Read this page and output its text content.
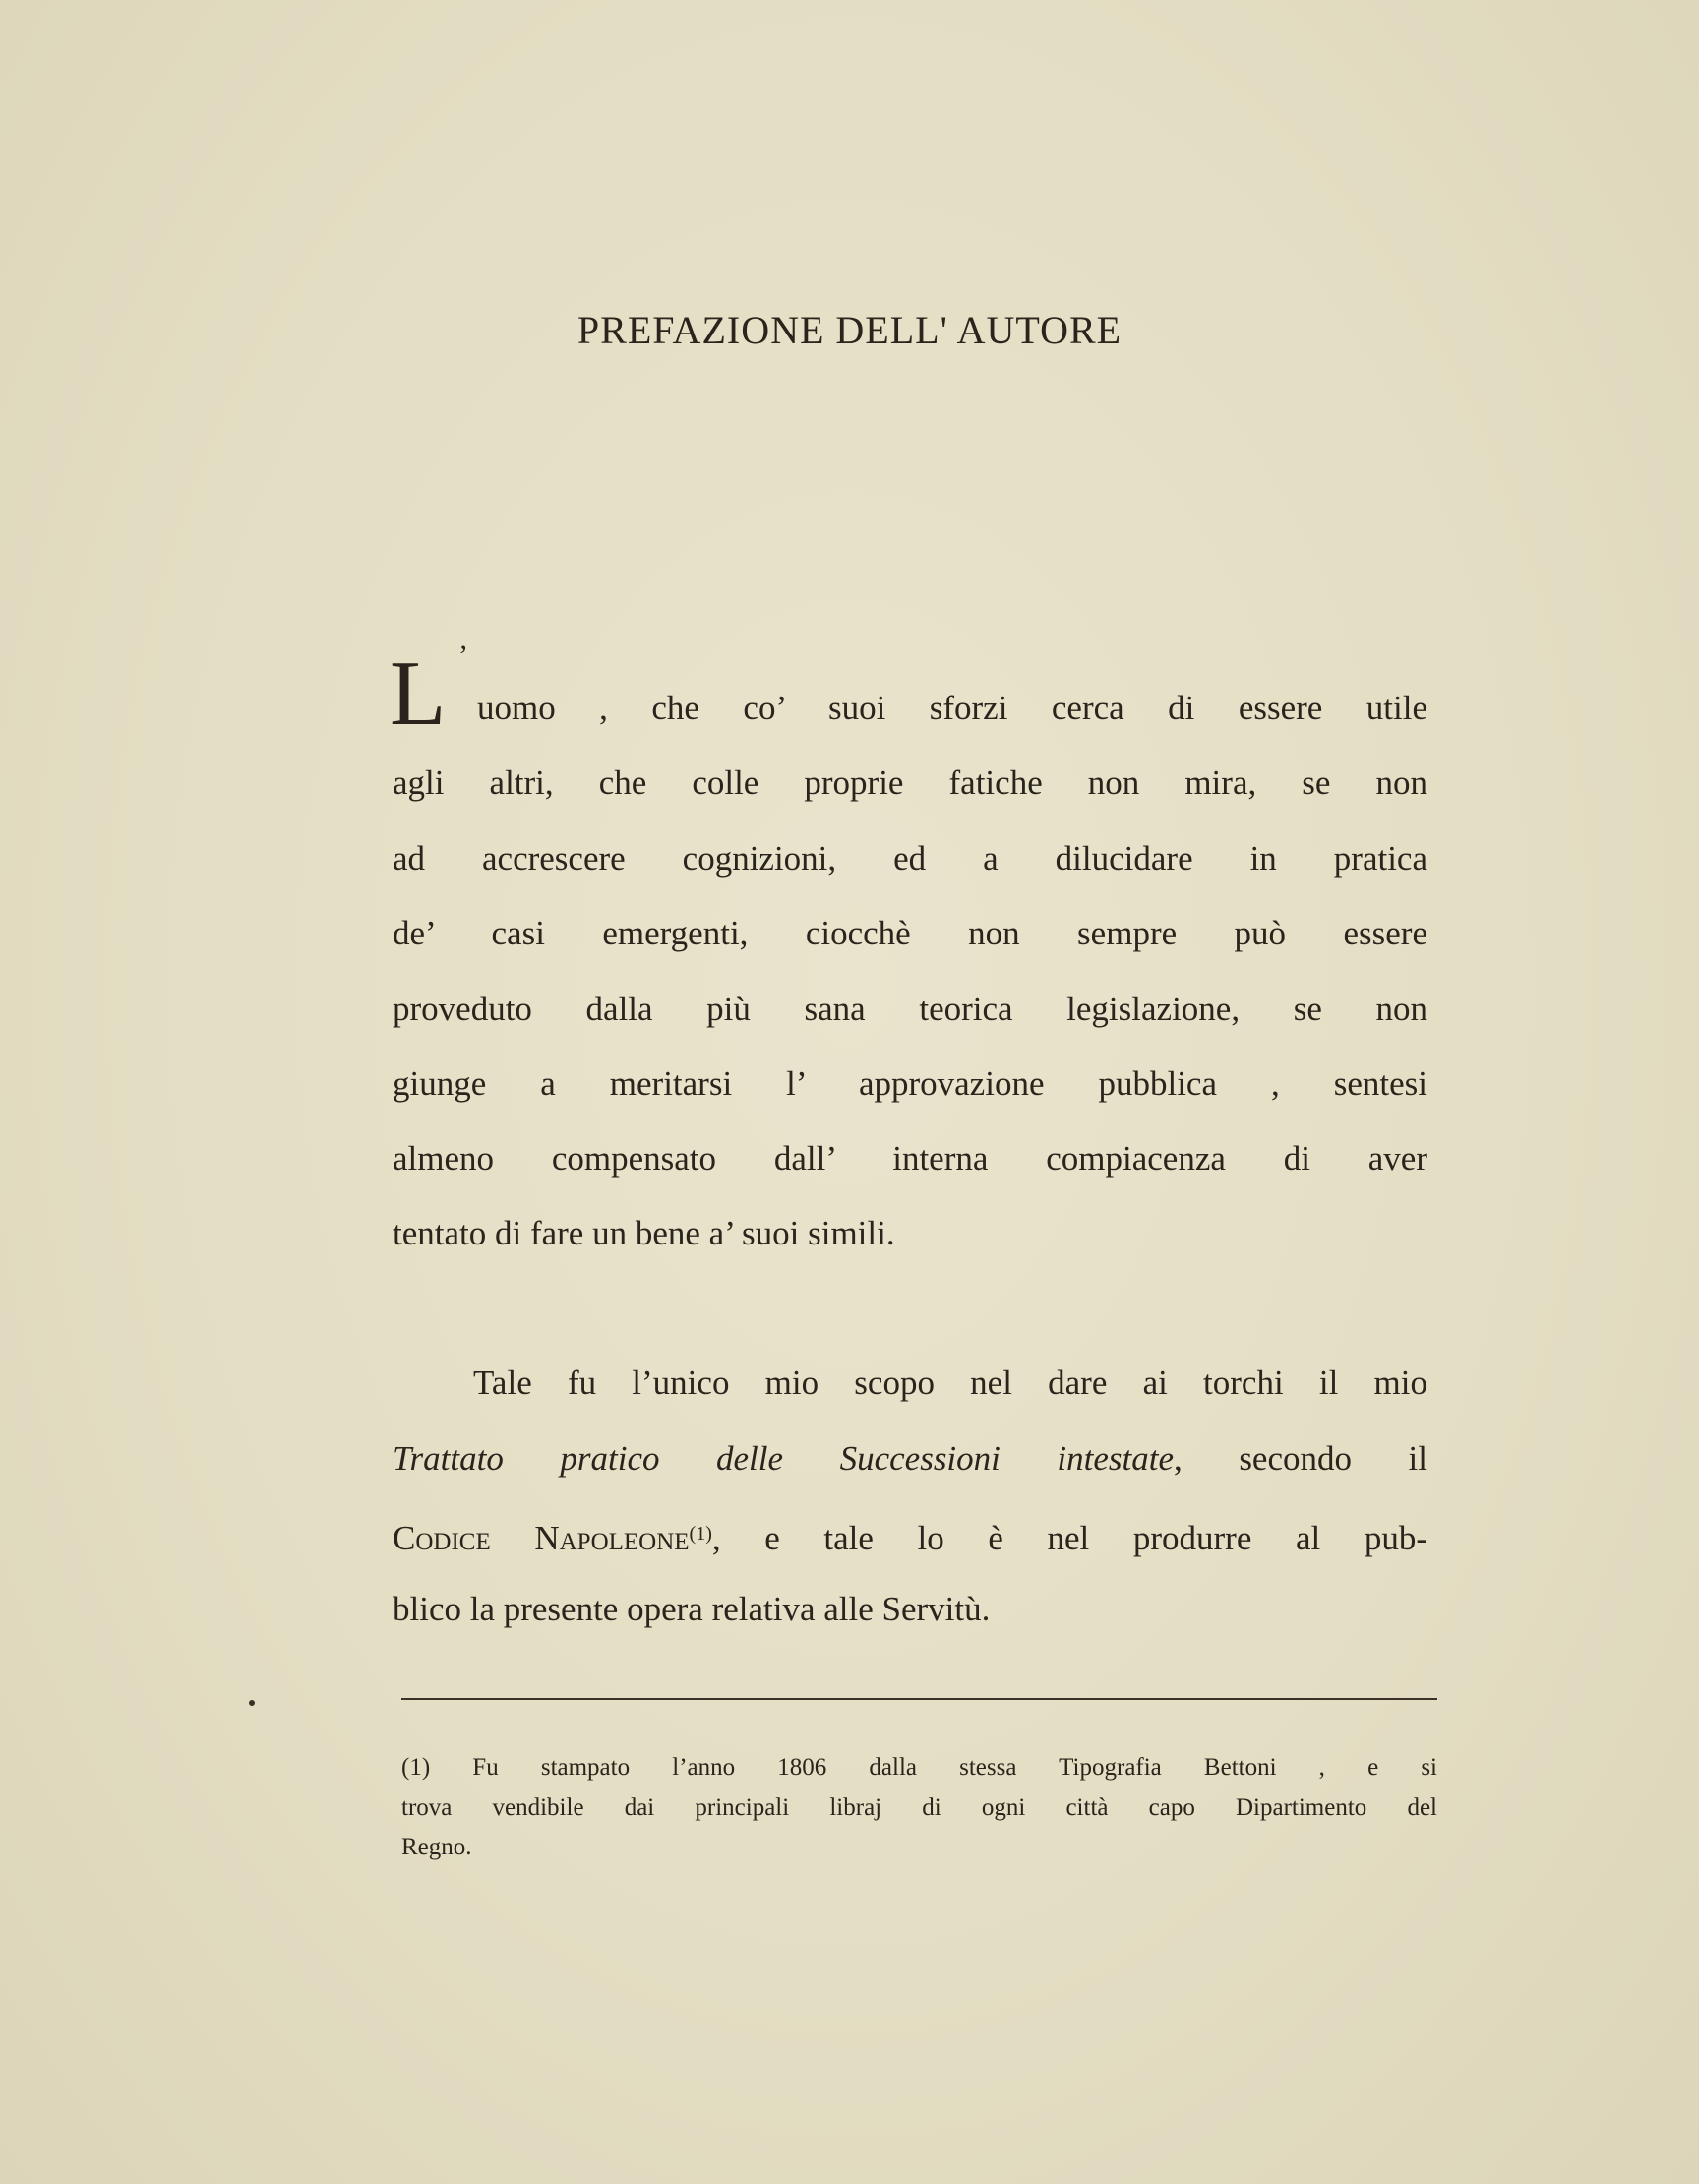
PREFAZIONE DELL' AUTORE
L ’
uomo , che co’ suoi sforzi cerca di essere utile
agli altri, che colle proprie fatiche non mira, se non
ad accrescere cognizioni, ed a dilucidare in pratica
de’ casi emergenti, ciocchè non sempre può essere
proveduto dalla più sana teorica legislazione, se non
giunge a meritarsi l’ approvazione pubblica , sentesi
almeno compensato dall’ interna compiacenza di aver
tentato di fare un bene a’ suoi simili.
Tale fu l’unico mio scopo nel dare ai torchi il mio
Trattato pratico delle Successioni intestate, secondo il
Codice Napoleone$^{(1)}$, e tale lo è nel produrre al pub-
blico la presente opera relativa alle Servitù.
(1) Fu stampato l’anno 1806 dalla stessa Tipografia Bettoni , e si
trova vendibile dai principali libraj di ogni città capo Dipartimento del
Regno.
